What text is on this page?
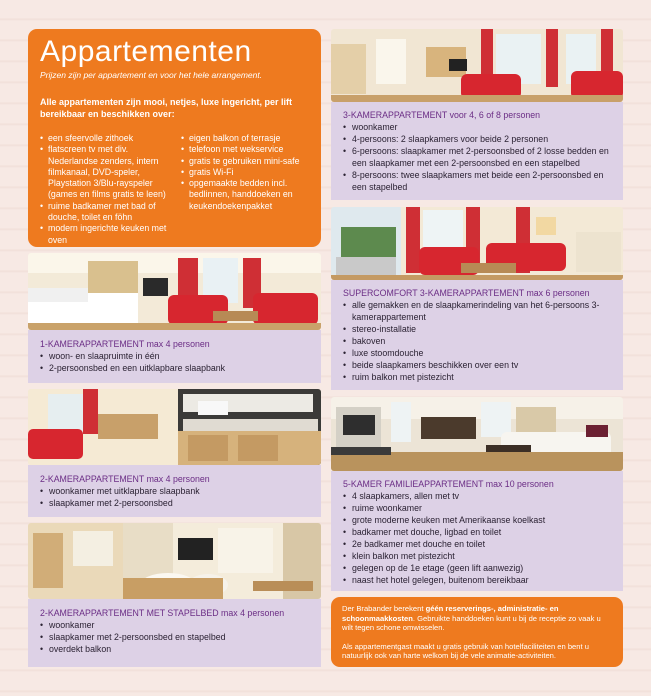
Appartementen
Prijzen zijn per appartement en voor het hele arrangement.
Alle appartementen zijn mooi, netjes, luxe ingericht, per lift bereikbaar en beschikken over:
• een sfeervolle zithoek
• flatscreen tv met div. Nederlandse zenders, intern filmkanaal, DVD-speler, Playstation 3/Blu-rayspeler (games en films gratis te leen)
• ruime badkamer met bad of douche, toilet en föhn
• modern ingerichte keuken met oven
• eigen balkon of terrasje
• telefoon met wekservice
• gratis te gebruiken mini-safe
• gratis Wi-Fi
• opgemaakte bedden incl. bedlinnen, handdoeken en keukendoekenpakket
1-KAMERAPPARTEMENT max 4 personen
• woon- en slaapruimte in één
• 2-persoonsbed en een uitklapbare slaapbank
2-KAMERAPPARTEMENT max 4 personen
• woonkamer met uitklapbare slaapbank
• slaapkamer met 2-persoonsbed
2-KAMERAPPARTEMENT MET STAPELBED max 4 personen
• woonkamer
• slaapkamer met 2-persoonsbed en stapelbed
• overdekt balkon
3-KAMERAPPARTEMENT voor 4, 6 of 8 personen
• woonkamer
• 4-persoons: 2 slaapkamers voor beide 2 personen
• 6-persoons: slaapkamer met 2-persoonsbed of 2 losse bedden en een slaapkamer met een 2-persoonsbed en een stapelbed
• 8-persoons: twee slaapkamers met beide een 2-persoonsbed en een stapelbed
SUPERCOMFORT 3-KAMERAPPARTEMENT max 6 personen
• alle gemakken en de slaapkamerindeling van het 6-persoons 3-kamerappartement
• stereo-installatie
• bakoven
• luxe stoomdouche
• beide slaapkamers beschikken over een tv
• ruim balkon met pistezicht
5-KAMER FAMILIEAPPARTEMENT max 10 personen
• 4 slaapkamers, allen met tv
• ruime woonkamer
• grote moderne keuken met Amerikaanse koelkast
• badkamer met douche, ligbad en toilet
• 2e badkamer met douche en toilet
• klein balkon met pistezicht
• gelegen op de 1e etage (geen lift aanwezig)
• naast het hotel gelegen, buitenom bereikbaar

Der Brabander berekent géén reserverings-, administratie- en schoonmaakkosten. Gebruikte handdoeken kunt u bij de receptie zo vaak u wilt tegen schone omwisselen.

Als appartementgast maakt u gratis gebruik van hotelfaciliteiten en bent u natuurlijk ook van harte welkom bij de vele animatie-activiteiten.
